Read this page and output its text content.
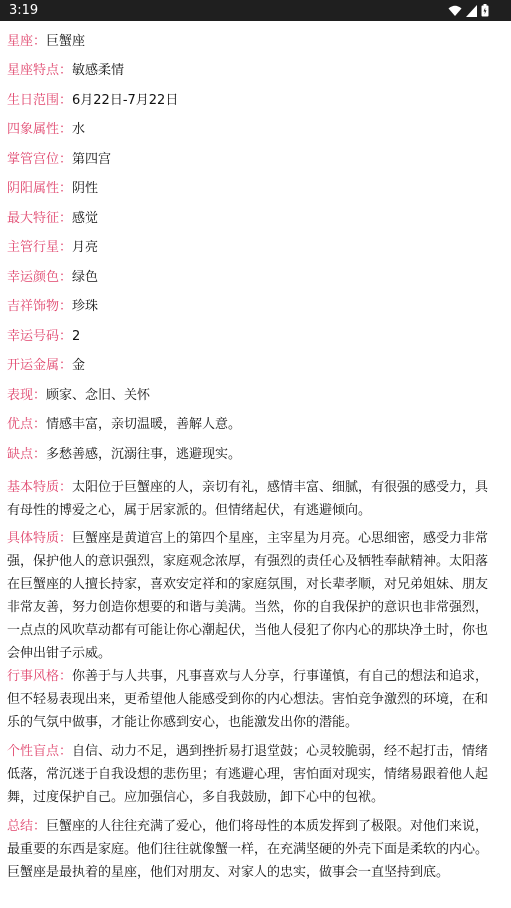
3:19
星座：巨蟹座
星座特点：敏感柔情
生日范围：6月22日-7月22日
四象属性：水
掌管宫位：第四宫
阴阳属性：阴性
最大特征：感觉
主管行星：月亮
幸运颜色：绿色
吉祥饰物：珍珠
幸运号码：2
开运金属：金
表现：顾家、念旧、关怀
优点：情感丰富，亲切温暖，善解人意。
缺点：多愁善感，沉溺往事，逃避现实。
基本特质：太阳位于巨蟹座的人，亲切有礼，感情丰富、细腻，有很强的感受力，具有母性的博爱之心，属于居家派的。但情绪起伏，有逃避倾向。
具体特质：巨蟹座是黄道宫上的第四个星座，主宰星为月亮。心思细密，感受力非常强，保护他人的意识强烈，家庭观念浓厚，有强烈的责任心及牺牲奉献精神。太阳落在巨蟹座的人擅长持家，喜欢安定祥和的家庭氛围，对长辈孝顺，对兄弟姐妹、朋友非常友善，努力创造你想要的和谐与美满。当然，你的自我保护的意识也非常强烈，一点点的风吹草动都有可能让你心潮起伏，当他人侵犯了你内心的那块净土时，你也会伸出钳子示威。
行事风格：你善于与人共事，凡事喜欢与人分享，行事谨慎，有自己的想法和追求，但不轻易表现出来，更希望他人能感受到你的内心想法。害怕竞争激烈的环境，在和乐的气氛中做事，才能让你感到安心，也能激发出你的潜能。
个性盲点：自信、动力不足，遇到挫折易打退堂鼓；心灵较脆弱，经不起打击，情绪低落，常沉迷于自我设想的悲伤里；有逃避心理，害怕面对现实，情绪易跟着他人起舞，过度保护自己。应加强信心，多自我鼓励，卸下心中的包袱。
总结：巨蟹座的人往往充满了爱心，他们将母性的本质发挥到了极限。对他们来说，最重要的东西是家庭。他们往往就像蟹一样，在充满坚硬的外壳下面是柔软的内心。巨蟹座是最执着的星座，他们对朋友、对家人的忠实，做事会一直坚持到底。
